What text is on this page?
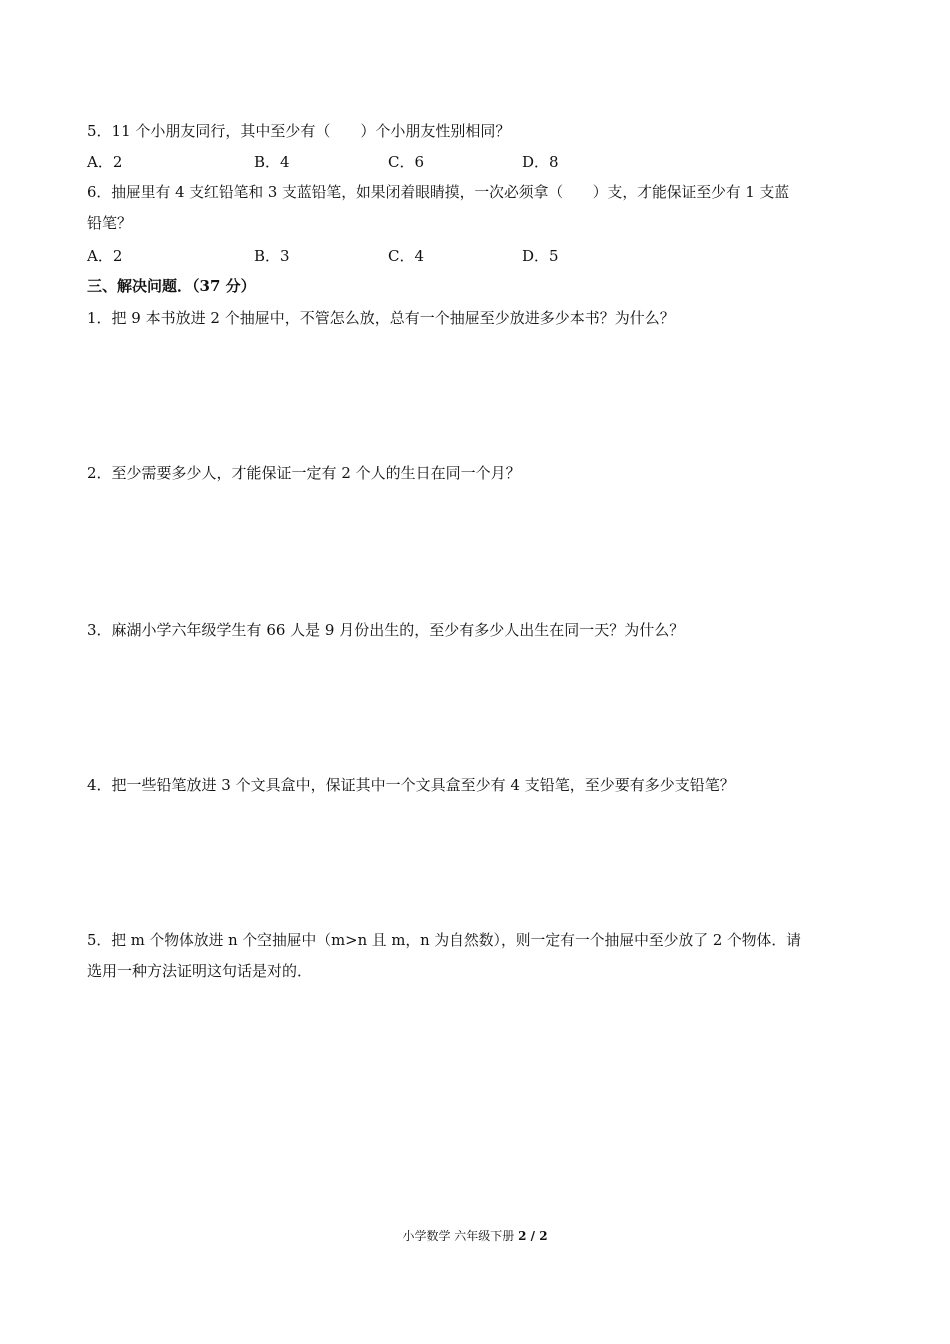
5．11 个小朋友同行，其中至少有（　　）个小朋友性别相同？
A．2	B．4	C．6	D．8
6．抽屉里有 4 支红铅笔和 3 支蓝铅笔，如果闭着眼睛摸，一次必须拿（　　）支，才能保证至少有 1 支蓝
铅笔？
A．2	B．3	C．4	D．5
三、解决问题．（37 分）
1．把 9 本书放进 2 个抽屉中，不管怎么放，总有一个抽屉至少放进多少本书？为什么？
2．至少需要多少人，才能保证一定有 2 个人的生日在同一个月？
3．麻湖小学六年级学生有 66 人是 9 月份出生的，至少有多少人出生在同一天？为什么？
4．把一些铅笔放进 3 个文具盒中，保证其中一个文具盒至少有 4 支铅笔，至少要有多少支铅笔？
5．把 m 个物体放进 n 个空抽屉中（m>n 且 m，n 为自然数），则一定有一个抽屉中至少放了 2 个物体．请
选用一种方法证明这句话是对的．
小学数学 六年级下册 2 / 2
